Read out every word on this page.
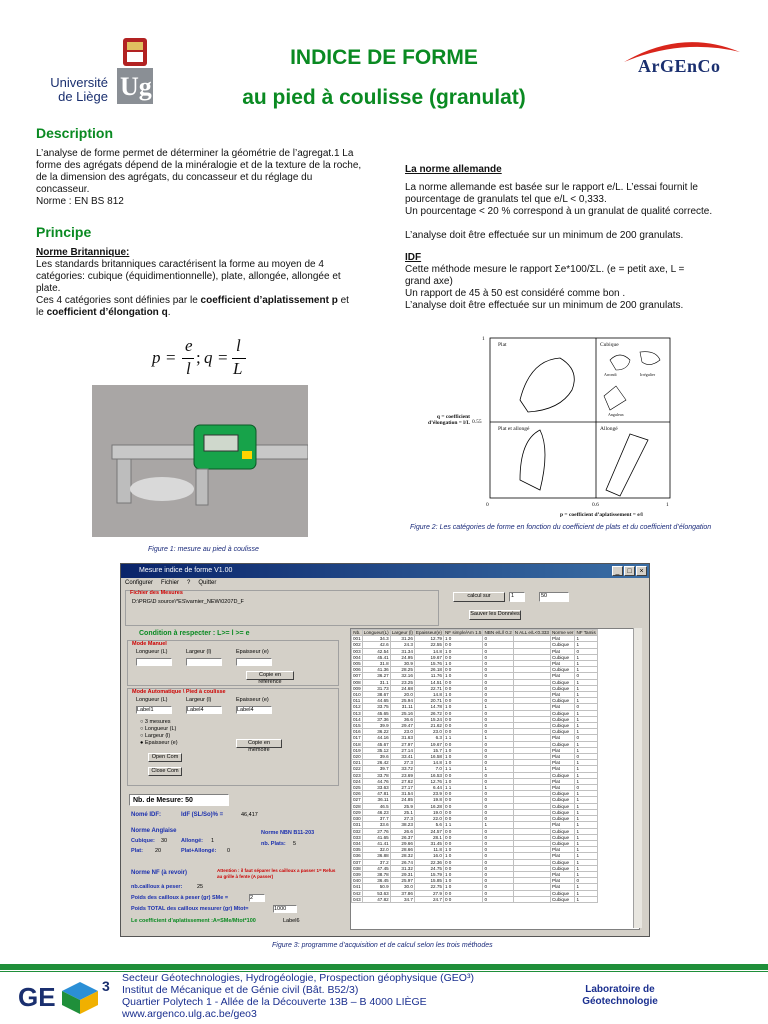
Université
de Liège Ug
INDICE DE FORME
au pied à coulisse (granulat)
ArGEnCo
Description
L’analyse de forme permet de déterminer la géométrie de l’agregat.1 La forme des agrégats dépend de la minéralogie et de la texture de la roche, de la dimension des agrégats, du concasseur et du réglage du concasseur.
Norme : EN BS 812
Principe
Norme Britannique:
Les standards britanniques caractérisent la forme au moyen de 4 catégories: cubique (équidimentionnelle), plate, allongée, allongée et plate.
Ces 4 catégories sont définies par le coefficient d’aplatissement p et le coefficient d’élongation q.
p =
e
l
; q =
l
L
La norme allemande
La norme allemande est basée sur le rapport e/L. L’essai fournit le pourcentage de granulats tel que e/L < 0,333.
Un pourcentage < 20 % correspond à un granulat de qualité correcte.
L’analyse doit être effectuée sur un minimum de 200 granulats.
IDF
Cette méthode mesure le rapport Σe*100/ΣL. (e = petit axe, L = grand axe)
Un rapport de 45 à 50 est considéré comme bon .
L’analyse doit être effectuée sur un minimum de 200 granulats.
Figure 1: mesure au pied à coulisse
Plat	Cubique
Arrondi	Irrégulier
Anguleux
Plat et allongé	Allongé
1
0.55
0	0.6	1
p = coefficient d’aplatissement = e/l
q = coefficient
d’élongation = l/L
Figure 2: Les catégories de forme en fonction du coefficient de plats et du coefficient d’élongation
Mesure indice de forme V1.00	_	□	×
Configurer Fichier ? Quitter
Fichier des Mesures
D:\PRG\D source\*ES\varnier_NEW\0207D_F
calcul sur	1	50
Sauver les Données
Condition à respecter : L>= l >= e
Mode Manuel
Longueur (L)	Largeur (l)	Epaisseur (e)
Copie en référence
Mode Automatique \ Pied à coulisse
Longueur (L)	Largeur (l)	Epaisseur (e)
Label1	Label4	Label4
○ 3 mesures
○ Longueur (L)
○ Largeur (l)
● Epaisseur (e)	Copie en mémoire
Open Com
Close Com
Nb. de Mesure: 50
Nomé IDF:	IdF (SL/So)% =	46,417
Norme Anglaise
Cubique: 30	Allongé: 1
Plat: 20	Plat+Allongé: 0
Norme NBN B11-203
nb. Plats: 5
Norme NF (à revoir)	Attention : il faut séparer les cailloux a passer 1= Refus au grille à fente (A passer)
nb.cailloux à peser:	25
Poids des cailloux à peser (gr) SMe =	2
Poids TOTAL des cailloux mesurer (gr) Mtot=	1000
Le coefficient d’aplatissement :A=SMe/Mtot*100	Label6
Nb.	Longueur(L)	Largeur (l)	Epaisseur(e)	NF simple/Am 1.5	NBN e/L/l 0.2	N ALL e/L<0.333	Norme ver	NF Tamis
001	34.3	31.26	12.79	1 0	0		Plat	1
002	42.6	24.3	22.55	0 0	0		Cubique	1
003	42.54	31.34	14.8	1 0	0		Plat	0
004	45.41	24.95	19.67	0 0	0		Cubique	1
005	31.8	30.9	15.76	1 0	0		Plat	1
006	41.36	28.25	26.18	0 0	0		Cubique	1
007	36.27	32.16	11.76	1 0	0		Plat	0
008	31.1	23.25	14.51	0 0	0		Cubique	1
009	31.73	24.68	22.71	0 0	0		Cubique	1
010	38.67	20.0	14.8	1 0	0		Plat	1
011	44.65	25.94	20.71	0 0	0		Cubique	1
012	33.75	31.11	14.78	1 0	1		Plat	0
013	45.65	25.16	26.72	0 0	0		Cubique	1
014	37.36	36.6	15.24	0 0	0		Cubique	1
015	39.9	29.47	21.62	0 0	0		Cubique	1
016	36.22	23.0	23.0	0 0	0		Cubique	1
017	44.16	31.63	6.3	1 1	1		Plat	0
018	45.67	27.97	19.67	0 0	0		Cubique	1
019	35.12	27.14	15.7	1 0	0		Plat	1
020	39.6	33.41	16.58	1 0	0		Plat	0
021	26.42	27.3	14.8	1 0	0		Plat	1
022	39.7	33.72	7.0	1 1	1		Plat	1
023	33.78	23.69	16.53	0 0	0		Cubique	1
024	44.76	27.62	12.76	1 0	0		Plat	1
025	33.63	27.17	6.44	1 1	1		Plat	0
026	47.81	31.54	23.9	0 0	0		Cubique	1
027	36.11	24.85	19.8	0 0	0		Cubique	1
028	46.5	25.9	16.28	0 0	0		Cubique	1
029	46.23	25.1	19.0	0 0	0		Cubique	1
030	37.7	27.3	22.0	0 0	0		Cubique	1
031	33.6	38.23	5.6	1 1	1		Plat	1
032	27.76	26.6	24.57	0 0	0		Cubique	1
033	41.65	26.37	28.1	0 0	0		Cubique	1
034	41.41	29.66	31.45	0 0	0		Cubique	1
035	32.0	28.66	11.8	1 0	0		Plat	1
036	36.88	28.32	16.0	1 0	0		Plat	1
037	37.2	26.74	22.36	0 0	0		Cubique	1
038	47.45	31.32	24.75	0 0	0		Cubique	1
039	38.78	29.31	15.79	1 0	0		Plat	1
040	36.45	25.97	15.85	1 0	0		Plat	0
041	50.9	30.0	22.75	1 0	0		Plat	1
042	53.63	37.86	27.9	0 0	0		Cubique	1
043	47.82	34.7	24.7	0 0	0		Cubique	1
Figure 3: programme d’acquisition et de calcul selon les trois méthodes
GE	3 Secteur Géotechnologies, Hydrogéologie, Prospection géophysique (GEO³)
Institut de Mécanique et de Génie civil (Bât. B52/3)
Quartier Polytech 1 - Allée de la Découverte 13B – B 4000 LIÈGE
www.argenco.ulg.ac.be/geo3
Laboratoire de
Géotechnologie
